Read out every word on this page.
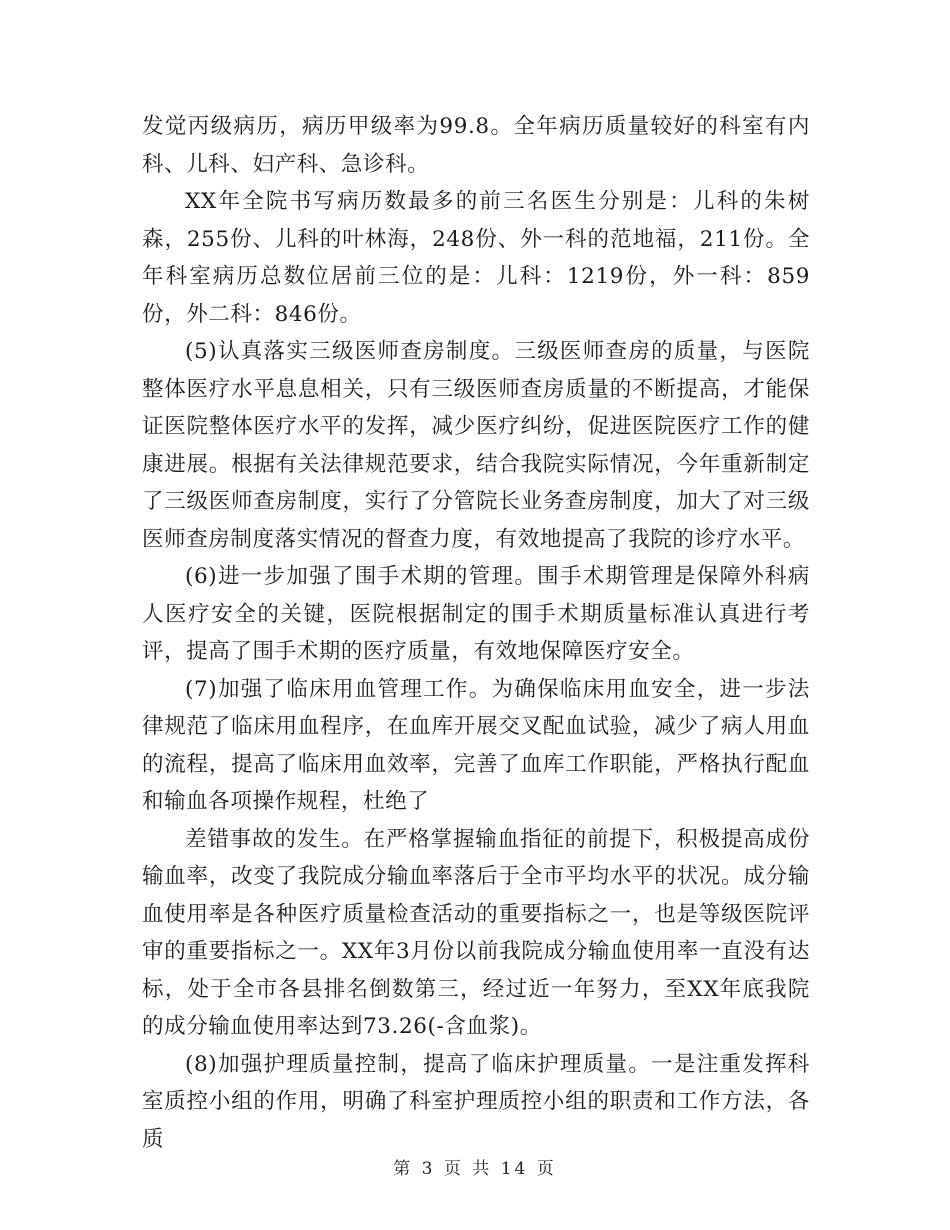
发觉丙级病历，病历甲级率为99.8。全年病历质量较好的科室有内科、儿科、妇产科、急诊科。

XX年全院书写病历数最多的前三名医生分别是：儿科的朱树森，255份、儿科的叶林海，248份、外一科的范地福，211份。全年科室病历总数位居前三位的是：儿科：1219份，外一科：859份，外二科：846份。

(5)认真落实三级医师查房制度。三级医师查房的质量，与医院整体医疗水平息息相关，只有三级医师查房质量的不断提高，才能保证医院整体医疗水平的发挥，减少医疗纠纷，促进医院医疗工作的健康进展。根据有关法律规范要求，结合我院实际情况，今年重新制定了三级医师查房制度，实行了分管院长业务查房制度，加大了对三级医师查房制度落实情况的督查力度，有效地提高了我院的诊疗水平。

(6)进一步加强了围手术期的管理。围手术期管理是保障外科病人医疗安全的关键，医院根据制定的围手术期质量标准认真进行考评，提高了围手术期的医疗质量，有效地保障医疗安全。

(7)加强了临床用血管理工作。为确保临床用血安全，进一步法律规范了临床用血程序，在血库开展交叉配血试验，减少了病人用血的流程，提高了临床用血效率，完善了血库工作职能，严格执行配血和输血各项操作规程，杜绝了

差错事故的发生。在严格掌握输血指征的前提下，积极提高成份输血率，改变了我院成分输血率落后于全市平均水平的状况。成分输血使用率是各种医疗质量检查活动的重要指标之一，也是等级医院评审的重要指标之一。XX年3月份以前我院成分输血使用率一直没有达标，处于全市各县排名倒数第三，经过近一年努力，至XX年底我院的成分输血使用率达到73.26(-含血浆)。

(8)加强护理质量控制，提高了临床护理质量。一是注重发挥科室质控小组的作用，明确了科室护理质控小组的职责和工作方法，各质

第 3 页 共 14 页
